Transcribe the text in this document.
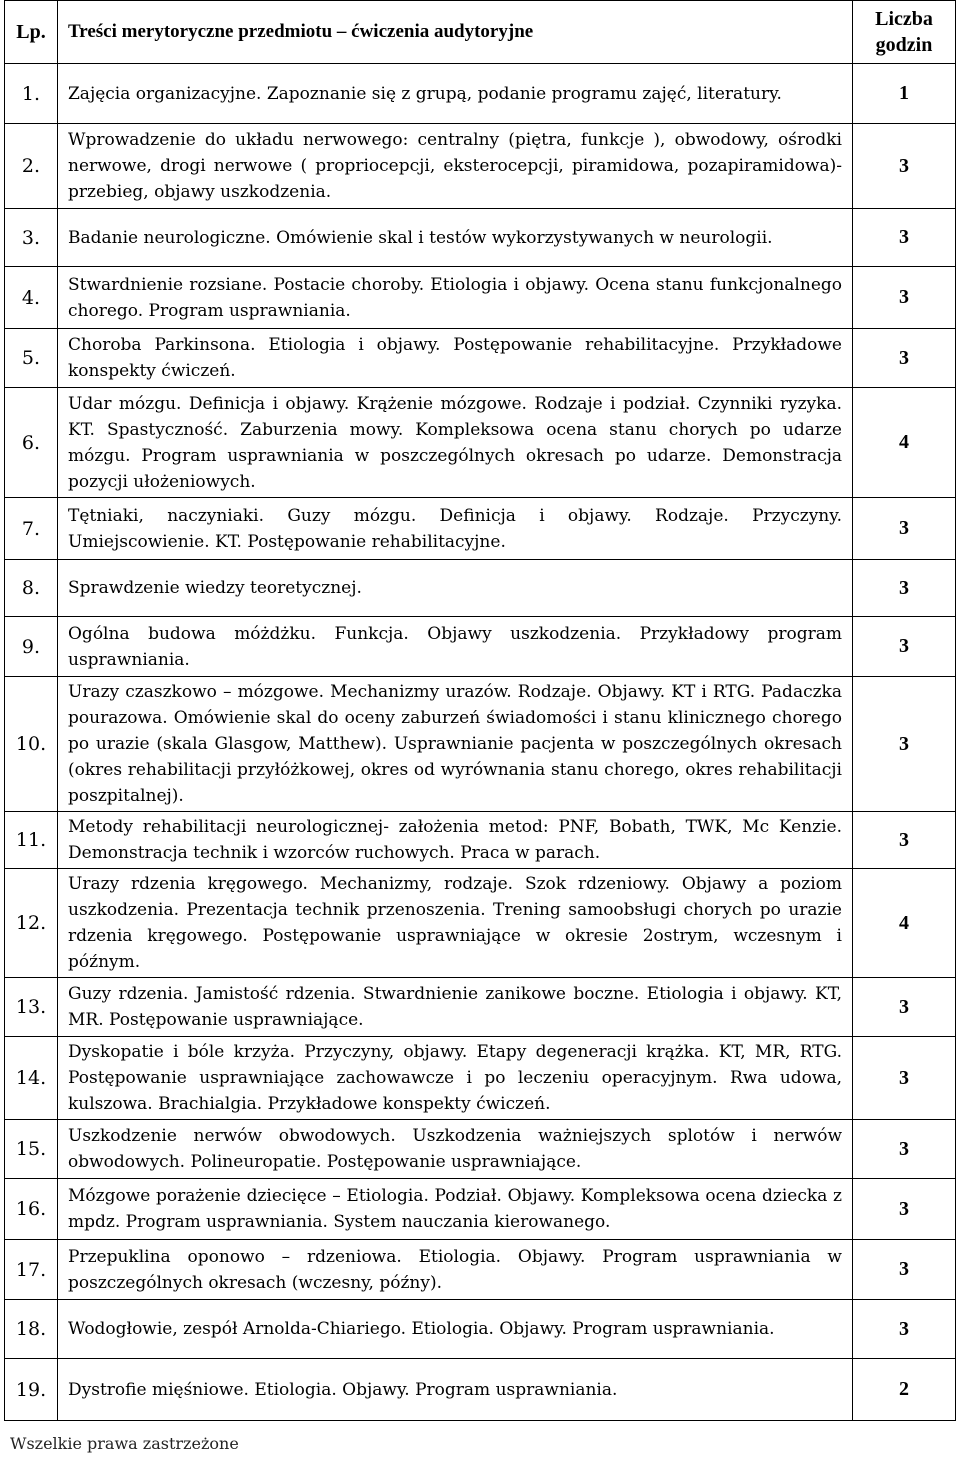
Lp.	Treści merytoryczne przedmiotu – ćwiczenia audytoryjne	Liczba
godzin

1.	Zajęcia organizacyjne. Zapoznanie się z grupą, podanie programu zajęć, literatury.	1
2.	Wprowadzenie do układu nerwowego: centralny (piętra, funkcje ), obwodowy, ośrodki nerwowe, drogi nerwowe ( propriocepcji, eksterocepcji, piramidowa, pozapiramidowa)- przebieg, objawy uszkodzenia.	3
3.	Badanie neurologiczne. Omówienie skal i testów wykorzystywanych w neurologii.	3
4.	Stwardnienie rozsiane. Postacie choroby. Etiologia i objawy. Ocena stanu funkcjonalnego chorego. Program usprawniania.	3
5.	Choroba Parkinsona. Etiologia i objawy. Postępowanie rehabilitacyjne. Przykładowe konspekty ćwiczeń.	3
6.	Udar mózgu. Definicja i objawy. Krążenie mózgowe. Rodzaje i podział. Czynniki ryzyka. KT. Spastyczność. Zaburzenia mowy. Kompleksowa ocena stanu chorych po udarze mózgu. Program usprawniania w poszczególnych okresach po udarze. Demonstracja pozycji ułożeniowych.	4
7.	Tętniaki, naczyniaki. Guzy mózgu. Definicja i objawy. Rodzaje. Przyczyny. Umiejscowienie. KT. Postępowanie rehabilitacyjne.	3
8.	Sprawdzenie wiedzy teoretycznej.	3
9.	Ogólna budowa móżdżku. Funkcja. Objawy uszkodzenia. Przykładowy program usprawniania.	3
10.	Urazy czaszkowo – mózgowe. Mechanizmy urazów. Rodzaje. Objawy. KT i RTG. Padaczka pourazowa. Omówienie skal do oceny zaburzeń świadomości i stanu klinicznego chorego po urazie (skala Glasgow, Matthew). Usprawnianie pacjenta w poszczególnych okresach (okres rehabilitacji przyłóżkowej, okres od wyrównania stanu chorego, okres rehabilitacji poszpitalnej).	3
11.	Metody rehabilitacji neurologicznej- założenia metod: PNF, Bobath, TWK, Mc Kenzie. Demonstracja technik i wzorców ruchowych. Praca w parach.	3
12.	Urazy rdzenia kręgowego. Mechanizmy, rodzaje. Szok rdzeniowy. Objawy a poziom uszkodzenia. Prezentacja technik przenoszenia. Trening samoobsługi chorych po urazie rdzenia kręgowego. Postępowanie usprawniające w okresie 2ostrym, wczesnym i późnym.	4
13.	Guzy rdzenia. Jamistość rdzenia. Stwardnienie zanikowe boczne. Etiologia i objawy. KT, MR. Postępowanie usprawniające.	3
14.	Dyskopatie i bóle krzyża. Przyczyny, objawy. Etapy degeneracji krążka. KT, MR, RTG. Postępowanie usprawniające zachowawcze i po leczeniu operacyjnym. Rwa udowa, kulszowa. Brachialgia. Przykładowe konspekty ćwiczeń.	3
15.	Uszkodzenie nerwów obwodowych. Uszkodzenia ważniejszych splotów i nerwów obwodowych. Polineuropatie. Postępowanie usprawniające.	3
16.	Mózgowe porażenie dziecięce – Etiologia. Podział. Objawy. Kompleksowa ocena dziecka z mpdz. Program usprawniania. System nauczania kierowanego.	3
17.	Przepuklina oponowo – rdzeniowa. Etiologia. Objawy. Program usprawniania w poszczególnych okresach (wczesny, późny).	3
18.	Wodogłowie, zespół Arnolda-Chiariego. Etiologia. Objawy. Program usprawniania.	3
19.	Dystrofie mięśniowe. Etiologia. Objawy. Program usprawniania.	2
Wszelkie prawa zastrzeżone
